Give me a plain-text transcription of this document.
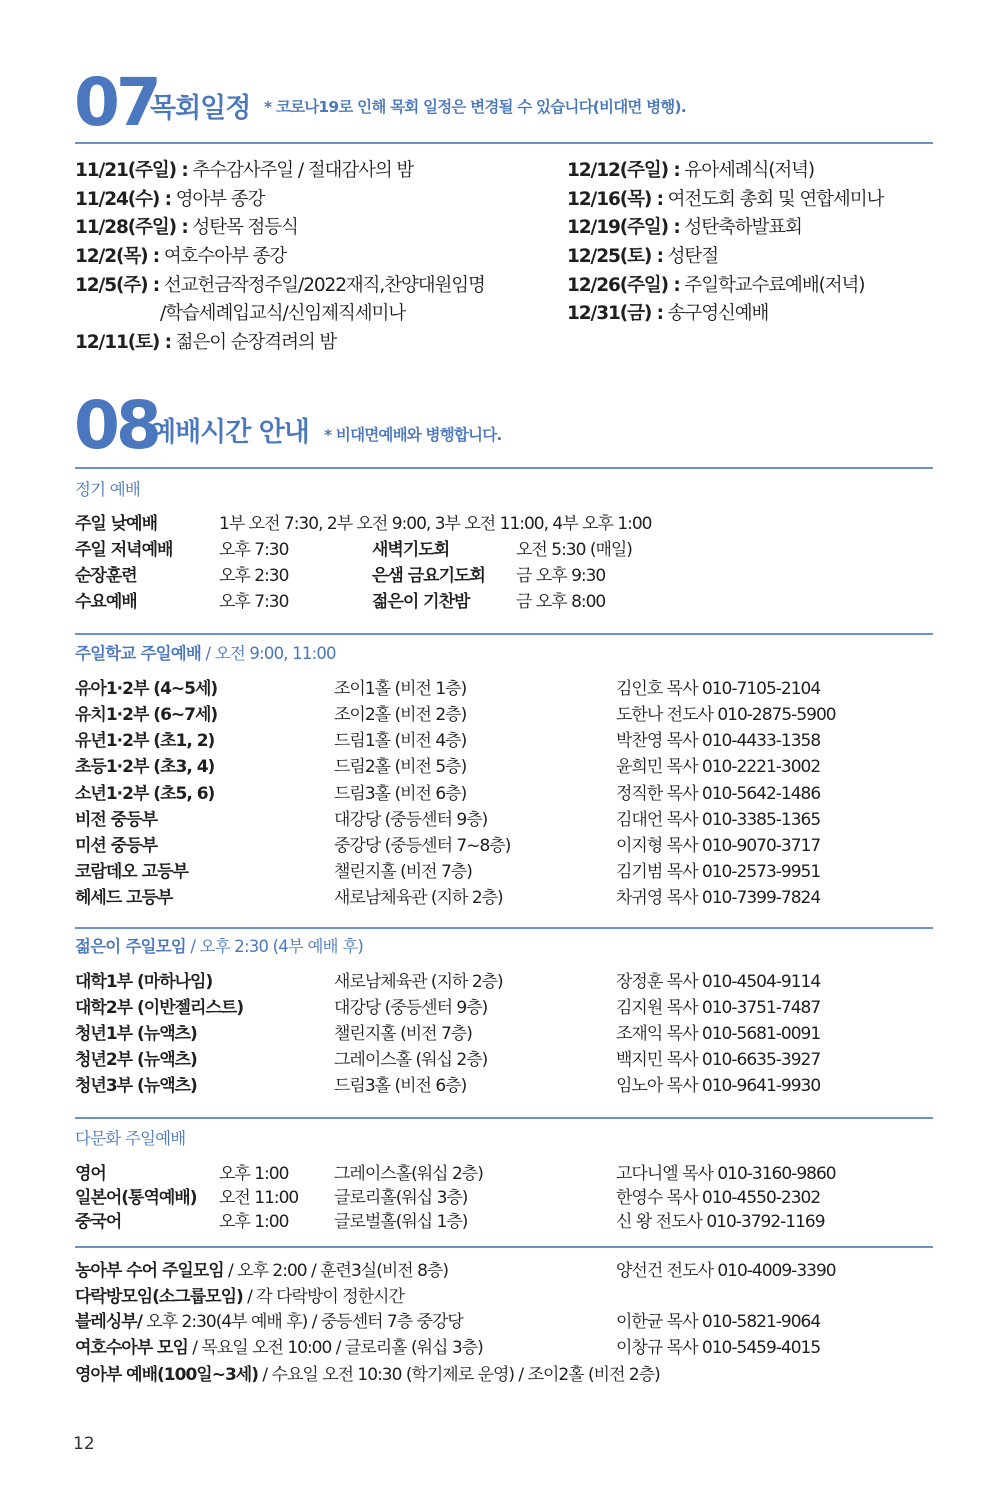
07
목회일정 * 코로나19로 인해 목회 일정은 변경될 수 있습니다(비대면 병행).
11/21(주일) : 추수감사주일 / 절대감사의 밤
11/24(수) : 영아부 종강
11/28(주일) : 성탄목 점등식
12/2(목) : 여호수아부 종강
12/5(주) : 선교헌금작정주일/2022재직,찬양대원임명
/학습세례입교식/신임제직세미나
12/11(토) : 젊은이 순장격려의 밤
12/12(주일) : 유아세례식(저녁)
12/16(목) : 여전도회 총회 및 연합세미나
12/19(주일) : 성탄축하발표회
12/25(토) : 성탄절
12/26(주일) : 주일학교수료예배(저녁)
12/31(금) : 송구영신예배
08
예배시간 안내 * 비대면예배와 병행합니다.
정기 예배
주일 낮예배	1부 오전 7:30, 2부 오전 9:00, 3부 오전 11:00, 4부 오후 1:00
주일 저녁예배	오후 7:30	새벽기도회	오전 5:30 (매일)
순장훈련	오후 2:30	은샘 금요기도회 금 오후 9:30
수요예배	오후 7:30	젊은이 기찬밤	금 오후 8:00
주일학교 주일예배 / 오전 9:00, 11:00
유아1·2부 (4~5세)	조이1홀 (비전 1층)	김인호 목사 010-7105-2104
유치1·2부 (6~7세)	조이2홀 (비전 2층)	도한나 전도사 010-2875-5900
유년1·2부 (초1, 2)	드림1홀 (비전 4층)	박찬영 목사 010-4433-1358
초등1·2부 (초3, 4)	드림2홀 (비전 5층)	윤희민 목사 010-2221-3002
소년1·2부 (초5, 6)	드림3홀 (비전 6층)	정직한 목사 010-5642-1486
비전 중등부	대강당 (중등센터 9층)	김대언 목사 010-3385-1365
미션 중등부	중강당 (중등센터 7~8층)	이지형 목사 010-9070-3717
코람데오 고등부	챌린지홀 (비전 7층)	김기범 목사 010-2573-9951
헤세드 고등부	새로남체육관 (지하 2층)	차귀영 목사 010-7399-7824
젊은이 주일모임 / 오후 2:30 (4부 예배 후)
대학1부 (마하나임)	새로남체육관 (지하 2층)	장정훈 목사 010-4504-9114
대학2부 (이반젤리스트)	대강당 (중등센터 9층)	김지원 목사 010-3751-7487
청년1부 (뉴액츠)	챌린지홀 (비전 7층)	조재익 목사 010-5681-0091
청년2부 (뉴액츠)	그레이스홀 (워십 2층)	백지민 목사 010-6635-3927
청년3부 (뉴액츠)	드림3홀 (비전 6층)	임노아 목사 010-9641-9930
다문화 주일예배
영어	오후 1:00	그레이스홀(워십 2층)	고다니엘 목사 010-3160-9860
일본어(통역예배) 오전 11:00 글로리홀(워십 3층)	한영수 목사 010-4550-2302
중국어	오후 1:00	글로벌홀(워십 1층)	신 왕 전도사 010-3792-1169
농아부 수어 주일모임 / 오후 2:00 / 훈련3실(비전 8층)	양선건 전도사 010-4009-3390
다락방모임(소그룹모임) / 각 다락방이 정한시간
블레싱부/ 오후 2:30(4부 예배 후) / 중등센터 7층 중강당	이한균 목사 010-5821-9064
여호수아부 모임 / 목요일 오전 10:00 / 글로리홀 (워십 3층)	이창규 목사 010-5459-4015
영아부 예배(100일~3세) / 수요일 오전 10:30 (학기제로 운영) / 조이2홀 (비전 2층)
12
